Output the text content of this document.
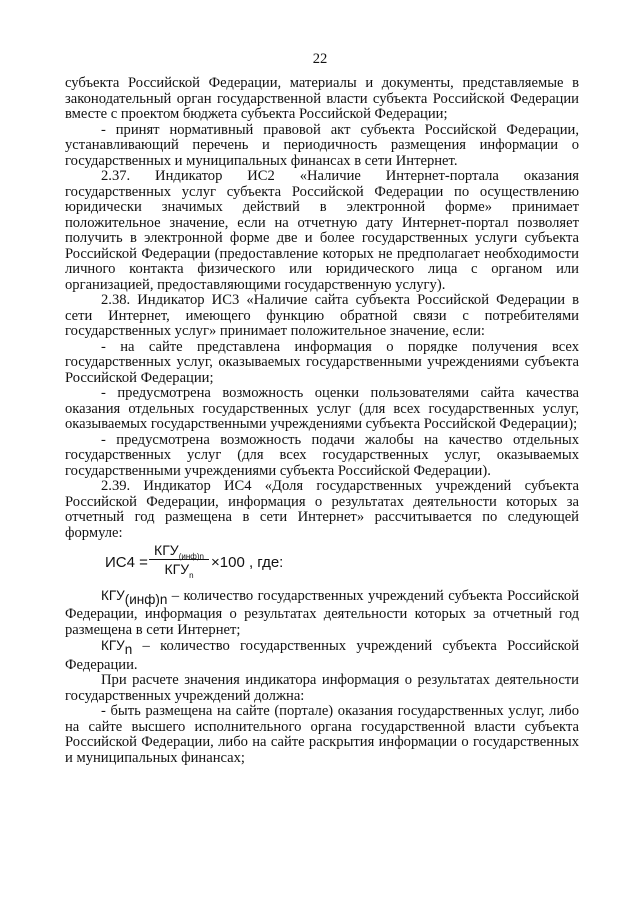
22

субъекта Российской Федерации, материалы и документы, представляемые в законодательный орган государственной власти субъекта Российской Федерации вместе с проектом бюджета субъекта Российской Федерации;

- принят нормативный правовой акт субъекта Российской Федерации, устанавливающий перечень и периодичность размещения информации о государственных и муниципальных финансах в сети Интернет.

2.37. Индикатор ИС2 «Наличие Интернет-портала оказания государственных услуг субъекта Российской Федерации по осуществлению юридически значимых действий в электронной форме» принимает положительное значение, если на отчетную дату Интернет-портал позволяет получить в электронной форме две и более государственных услуги субъекта Российской Федерации (предоставление которых не предполагает необходимости личного контакта физического или юридического лица с органом или организацией, предоставляющими государственную услугу).

2.38. Индикатор ИС3 «Наличие сайта субъекта Российской Федерации в сети Интернет, имеющего функцию обратной связи с потребителями государственных услуг» принимает положительное значение, если:

- на сайте представлена информация о порядке получения всех государственных услуг, оказываемых государственными учреждениями субъекта Российской Федерации;

- предусмотрена возможность оценки пользователями сайта качества оказания отдельных государственных услуг (для всех государственных услуг, оказываемых государственными учреждениями субъекта Российской Федерации);

- предусмотрена возможность подачи жалобы на качество отдельных государственных услуг (для всех государственных услуг, оказываемых государственными учреждениями субъекта Российской Федерации).

2.39. Индикатор ИС4 «Доля государственных учреждений субъекта Российской Федерации, информация о результатах деятельности которых за отчетный год размещена в сети Интернет» рассчитывается по следующей формуле:

ИС4 =
$КГУ_{(инф)n}$
$КГУ_n$
×100 , где:

$КГУ_{(инф)n}$ – количество государственных учреждений субъекта Российской Федерации, информация о результатах деятельности которых за отчетный год размещена в сети Интернет;

$КГУ_n$ – количество государственных учреждений субъекта Российской Федерации.

При расчете значения индикатора информация о результатах деятельности государственных учреждений должна:

- быть размещена на сайте (портале) оказания государственных услуг, либо на сайте высшего исполнительного органа государственной власти субъекта Российской Федерации, либо на сайте раскрытия информации о государственных и муниципальных финансах;
